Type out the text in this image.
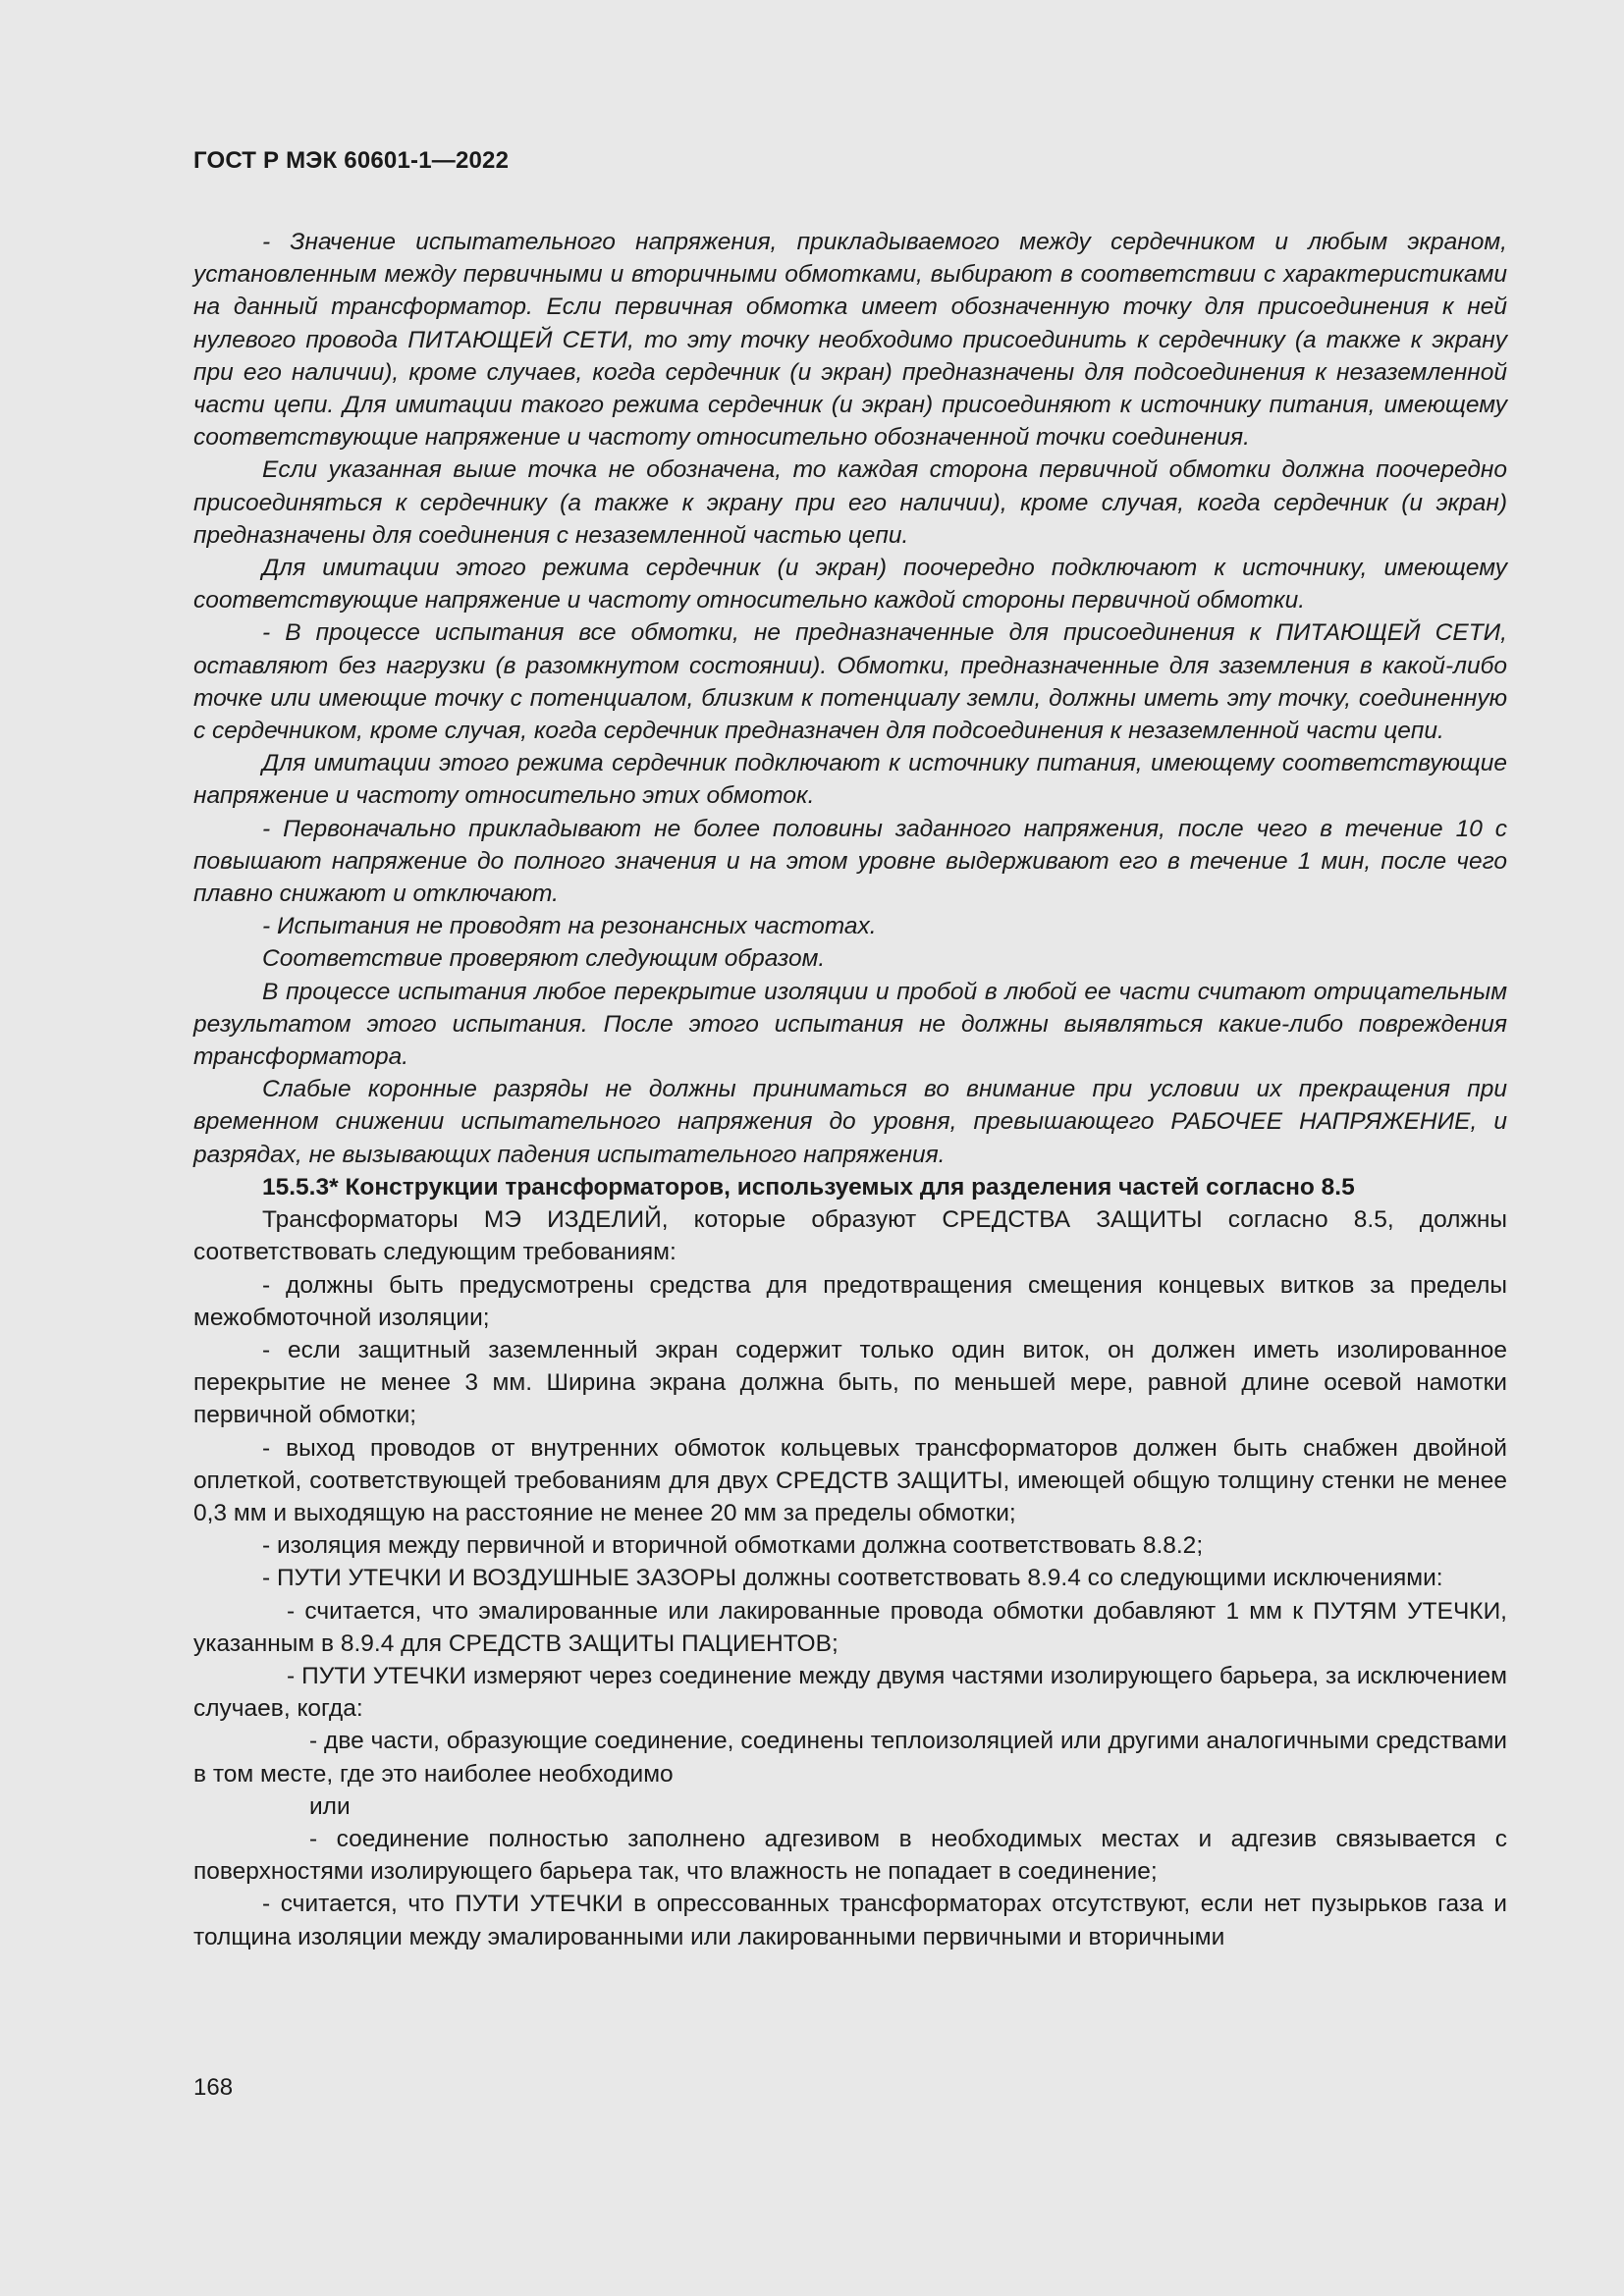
ГОСТ Р МЭК 60601-1—2022

- Значение испытательного напряжения, прикладываемого между сердечником и любым экраном, установленным между первичными и вторичными обмотками, выбирают в соответствии с характеристиками на данный трансформатор. Если первичная обмотка имеет обозначенную точку для присоединения к ней нулевого провода ПИТАЮЩЕЙ СЕТИ, то эту точку необходимо присоединить к сердечнику (а также к экрану при его наличии), кроме случаев, когда сердечник (и экран) предназначены для подсоединения к незаземленной части цепи. Для имитации такого режима сердечник (и экран) присоединяют к источнику питания, имеющему соответствующие напряжение и частоту относительно обозначенной точки соединения.

Если указанная выше точка не обозначена, то каждая сторона первичной обмотки должна поочередно присоединяться к сердечнику (а также к экрану при его наличии), кроме случая, когда сердечник (и экран) предназначены для соединения с незаземленной частью цепи.

Для имитации этого режима сердечник (и экран) поочередно подключают к источнику, имеющему соответствующие напряжение и частоту относительно каждой стороны первичной обмотки.

- В процессе испытания все обмотки, не предназначенные для присоединения к ПИТАЮЩЕЙ СЕТИ, оставляют без нагрузки (в разомкнутом состоянии). Обмотки, предназначенные для заземления в какой-либо точке или имеющие точку с потенциалом, близким к потенциалу земли, должны иметь эту точку, соединенную с сердечником, кроме случая, когда сердечник предназначен для подсоединения к незаземленной части цепи.

Для имитации этого режима сердечник подключают к источнику питания, имеющему соответствующие напряжение и частоту относительно этих обмоток.

- Первоначально прикладывают не более половины заданного напряжения, после чего в течение 10 с повышают напряжение до полного значения и на этом уровне выдерживают его в течение 1 мин, после чего плавно снижают и отключают.

- Испытания не проводят на резонансных частотах.

Соответствие проверяют следующим образом.

В процессе испытания любое перекрытие изоляции и пробой в любой ее части считают отрицательным результатом этого испытания. После этого испытания не должны выявляться какие-либо повреждения трансформатора.

Слабые коронные разряды не должны приниматься во внимание при условии их прекращения при временном снижении испытательного напряжения до уровня, превышающего РАБОЧЕЕ НАПРЯЖЕНИЕ, и разрядах, не вызывающих падения испытательного напряжения.

15.5.3* Конструкции трансформаторов, используемых для разделения частей согласно 8.5

Трансформаторы МЭ ИЗДЕЛИЙ, которые образуют СРЕДСТВА ЗАЩИТЫ согласно 8.5, должны соответствовать следующим требованиям:

- должны быть предусмотрены средства для предотвращения смещения концевых витков за пределы межобмоточной изоляции;

- если защитный заземленный экран содержит только один виток, он должен иметь изолированное перекрытие не менее 3 мм. Ширина экрана должна быть, по меньшей мере, равной длине осевой намотки первичной обмотки;

- выход проводов от внутренних обмоток кольцевых трансформаторов должен быть снабжен двойной оплеткой, соответствующей требованиям для двух СРЕДСТВ ЗАЩИТЫ, имеющей общую толщину стенки не менее 0,3 мм и выходящую на расстояние не менее 20 мм за пределы обмотки;

- изоляция между первичной и вторичной обмотками должна соответствовать 8.8.2;

- ПУТИ УТЕЧКИ И ВОЗДУШНЫЕ ЗАЗОРЫ должны соответствовать 8.9.4 со следующими исключениями:

- считается, что эмалированные или лакированные провода обмотки добавляют 1 мм к ПУТЯМ УТЕЧКИ, указанным в 8.9.4 для СРЕДСТВ ЗАЩИТЫ ПАЦИЕНТОВ;

- ПУТИ УТЕЧКИ измеряют через соединение между двумя частями изолирующего барьера, за исключением случаев, когда:

- две части, образующие соединение, соединены теплоизоляцией или другими аналогичными средствами в том месте, где это наиболее необходимо

или

- соединение полностью заполнено адгезивом в необходимых местах и адгезив связывается с поверхностями изолирующего барьера так, что влажность не попадает в соединение;

- считается, что ПУТИ УТЕЧКИ в опрессованных трансформаторах отсутствуют, если нет пузырьков газа и толщина изоляции между эмалированными или лакированными первичными и вторичными

168
